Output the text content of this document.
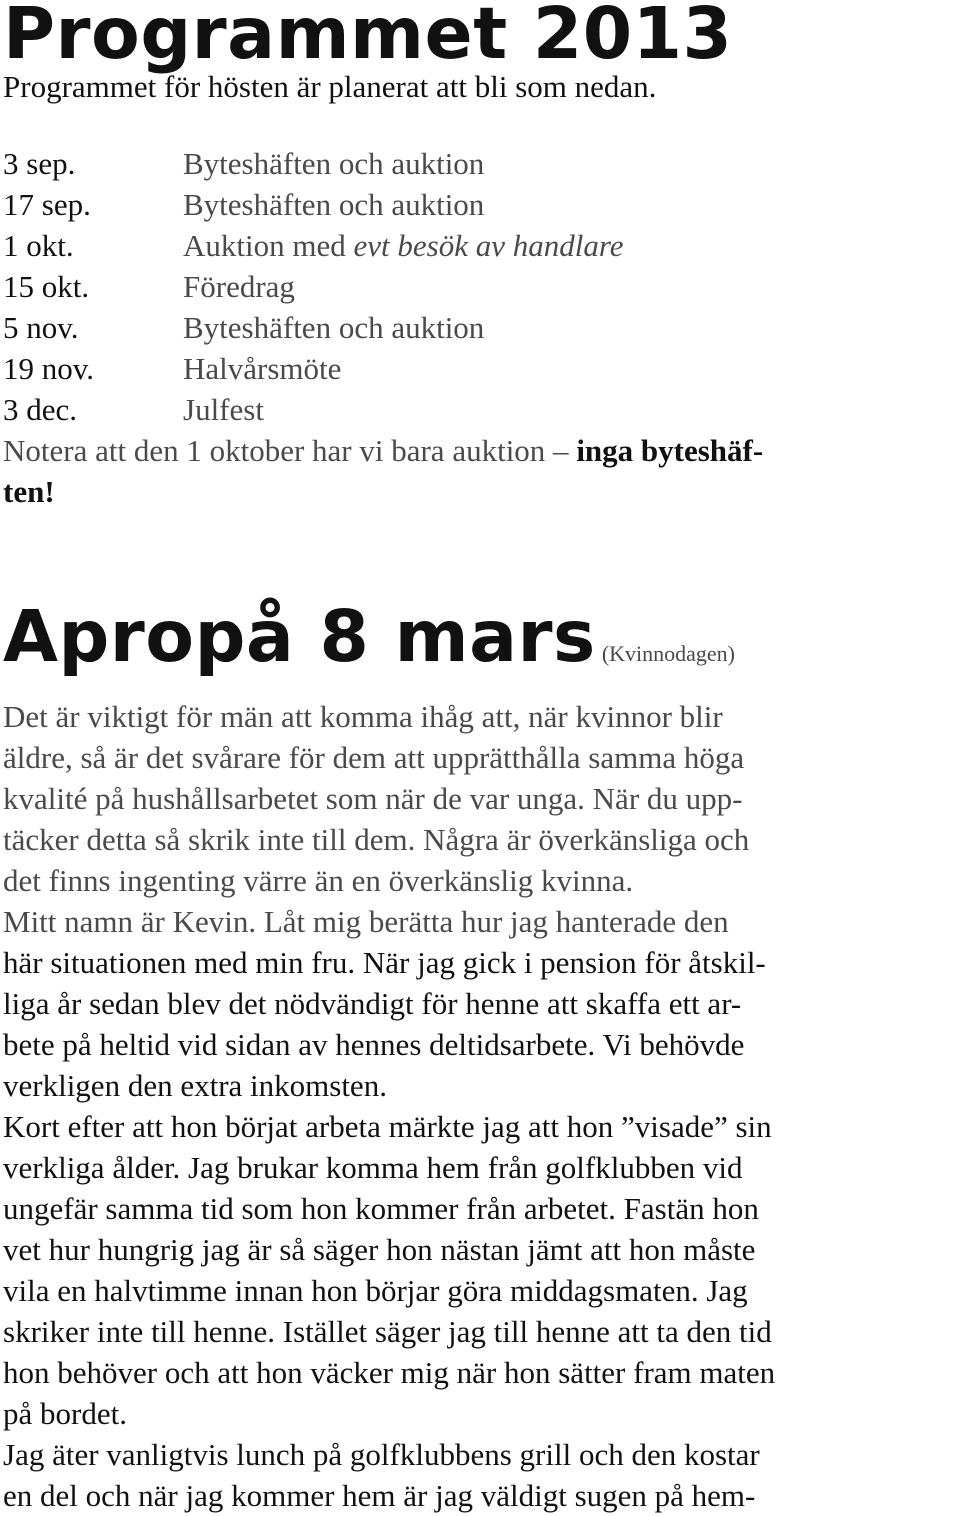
Programmet 2013

Programmet för hösten är planerat att bli som nedan.

3 sep.	Byteshäften och auktion
17 sep.	Byteshäften och auktion
1 okt.	Auktion med evt besök av handlare
15 okt.	Föredrag
5 nov.	Byteshäften och auktion
19 nov.	Halvårsmöte
3 dec.	Julfest

Notera att den 1 oktober har vi bara auktion – inga byteshäf-
ten!

Apropå 8 mars (Kvinnodagen)
Det är viktigt för män att komma ihåg att, när kvinnor blir
äldre, så är det svårare för dem att upprätthålla samma höga
kvalité på hushållsarbetet som när de var unga. När du upp-
täcker detta så skrik inte till dem. Några är överkänsliga och
det finns ingenting värre än en överkänslig kvinna.
Mitt namn är Kevin. Låt mig berätta hur jag hanterade den
här situationen med min fru. När jag gick i pension för åtskil-
liga år sedan blev det nödvändigt för henne att skaffa ett ar-
bete på heltid vid sidan av hennes deltidsarbete. Vi behövde
verkligen den extra inkomsten.
Kort efter att hon börjat arbeta märkte jag att hon ”visade” sin
verkliga ålder. Jag brukar komma hem från golfklubben vid
ungefär samma tid som hon kommer från arbetet. Fastän hon
vet hur hungrig jag är så säger hon nästan jämt att hon måste
vila en halvtimme innan hon börjar göra middagsmaten. Jag
skriker inte till henne. Istället säger jag till henne att ta den tid
hon behöver och att hon väcker mig när hon sätter fram maten
på bordet.
Jag äter vanligtvis lunch på golfklubbens grill och den kostar
en del och när jag kommer hem är jag väldigt sugen på hem-
